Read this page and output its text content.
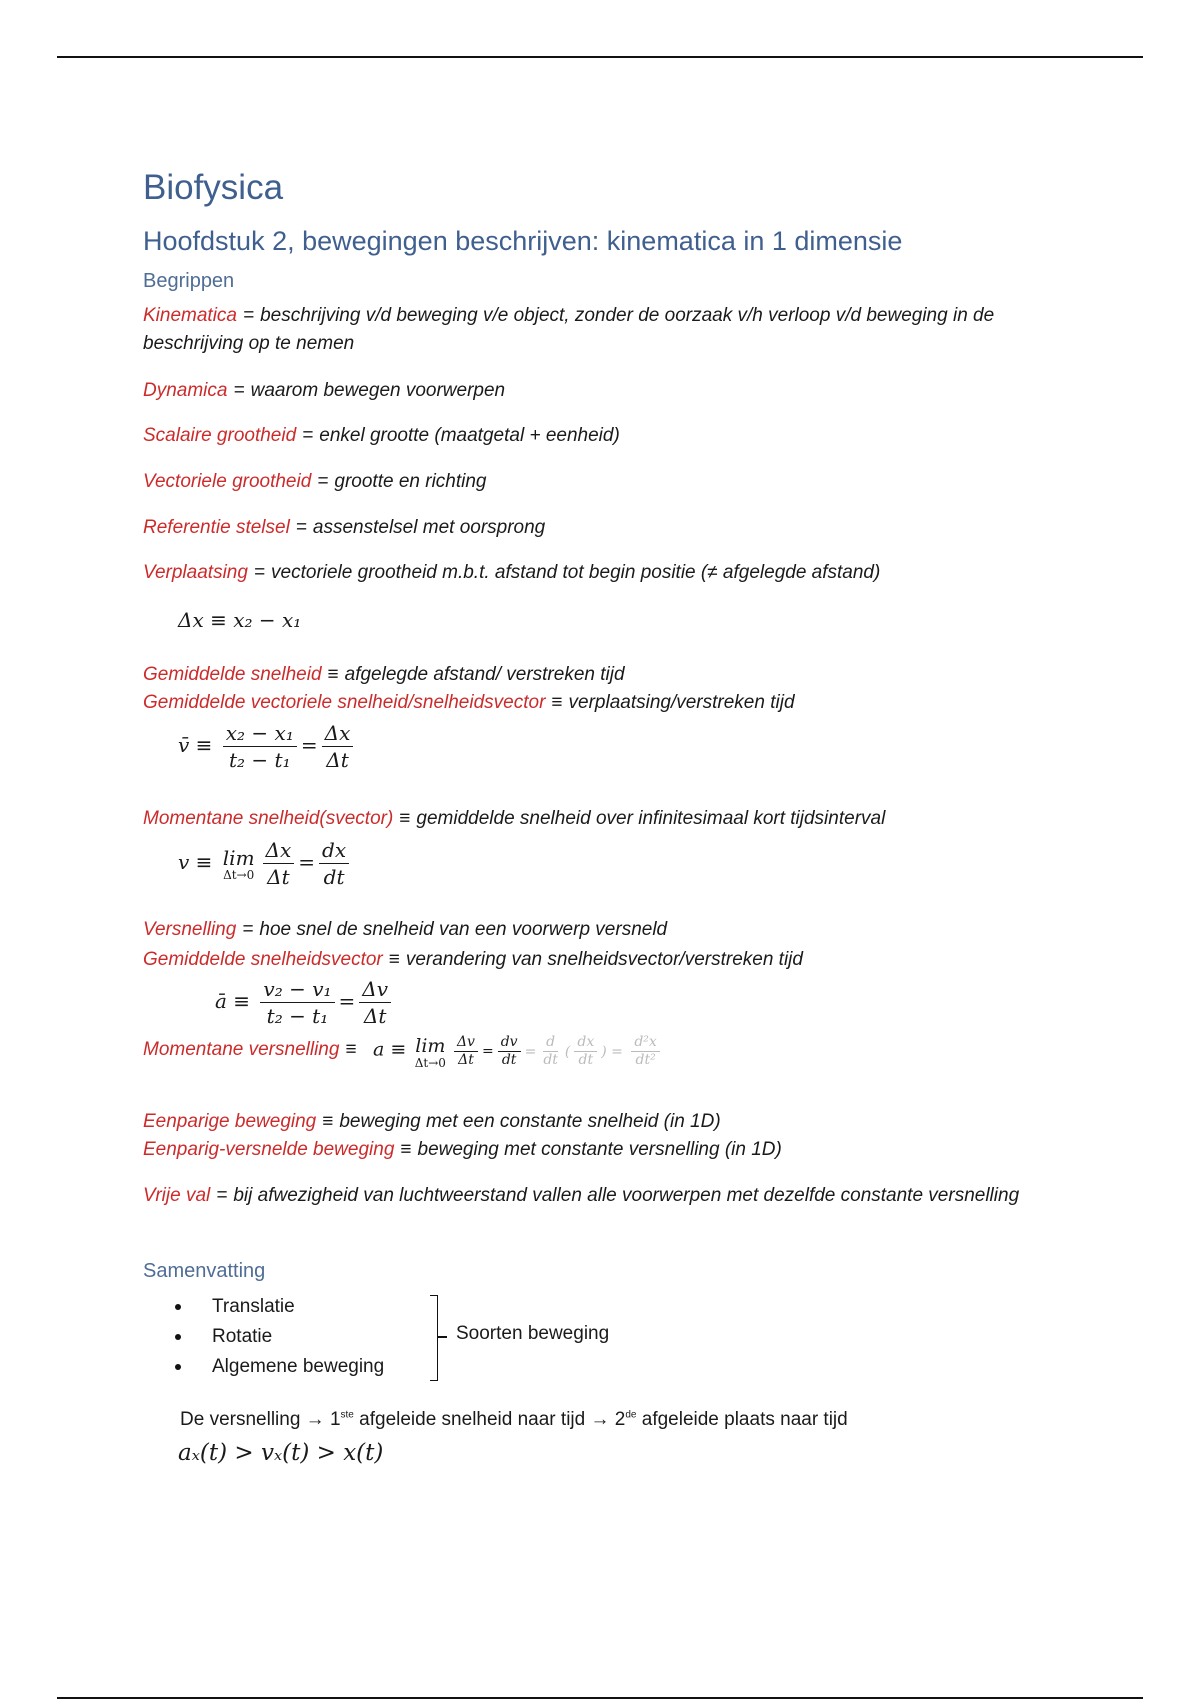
Biofysica
Hoofdstuk 2, bewegingen beschrijven: kinematica in 1 dimensie
Begrippen

Kinematica = beschrijving v/d beweging v/e object, zonder de oorzaak v/h verloop v/d beweging in de beschrijving op te nemen

Dynamica = waarom bewegen voorwerpen

Scalaire grootheid = enkel grootte (maatgetal + eenheid)

Vectoriele grootheid = grootte en richting

Referentie stelsel = assenstelsel met oorsprong

Verplaatsing = vectoriele grootheid m.b.t. afstand tot begin positie (≠ afgelegde afstand)

Δx ≡ x₂ − x₁

Gemiddelde snelheid ≡ afgelegde afstand/ verstreken tijd

Gemiddelde vectoriele snelheid/snelheidsvector ≡ verplaatsing/verstreken tijd

v̄ ≡ $\frac{\text{x₂ − x₁}}{\text{t₂ − t₁}} = \frac{\Delta x}{\Delta t}$

Momentane snelheid(svector) ≡ gemiddelde snelheid over infinitesimaal kort tijdsinterval

v ≡ lim
$\Delta t\to 0 \frac{\Delta x}{\Delta t} = \frac{dx}{dt}$

Versnelling = hoe snel de snelheid van een voorwerp versneld

Gemiddelde snelheidsvector ≡ verandering van snelheidsvector/verstreken tijd

ā ≡ $\frac{\text{v₂ − v₁}}{\text{t₂ − t₁}} = \frac{\Delta v}{\Delta t}$
Momentane versnelling ≡ a ≡ lim
$\Delta t\to 0 \frac{\Delta v}{\Delta t} = \frac{dv}{dt} = \frac{d}{dt}$ ( $\frac{dx}{dt}$ ) = $\frac{\text{d²x}}{\text{dt²}}$

Eenparige beweging ≡ beweging met een constante snelheid (in 1D)

Eenparig-versnelde beweging ≡ beweging met constante versnelling (in 1D)

Vrije val = bij afwezigheid van luchtweerstand vallen alle voorwerpen met dezelfde constante versnelling

Samenvatting
Translatie
Rotatie
Algemene beweging
Soorten beweging
De versnelling → 1ste afgeleide snelheid naar tijd → 2de afgeleide plaats naar tijd
aₓ(t) > vₓ(t) > x(t)
